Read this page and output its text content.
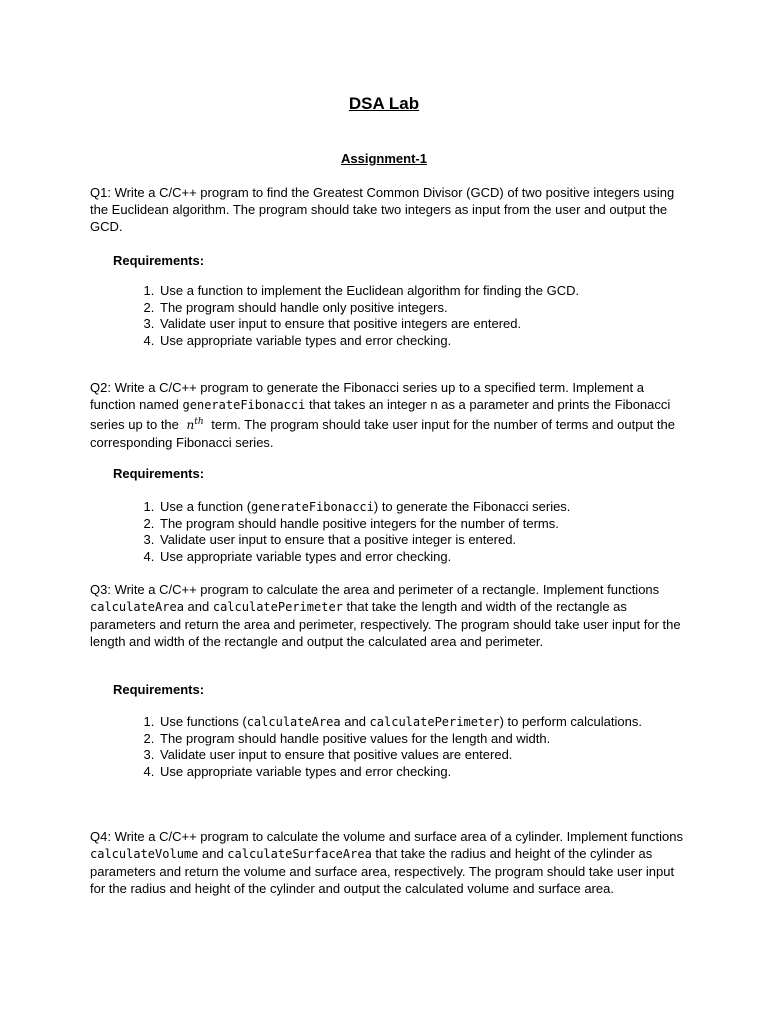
DSA Lab
Assignment-1

Q1: Write a C/C++ program to find the Greatest Common Divisor (GCD) of two positive integers using the Euclidean algorithm. The program should take two integers as input from the user and output the GCD.

Requirements:

1. Use a function to implement the Euclidean algorithm for finding the GCD.
2. The program should handle only positive integers.
3. Validate user input to ensure that positive integers are entered.
4. Use appropriate variable types and error checking.

Q2: Write a C/C++ program to generate the Fibonacci series up to a specified term. Implement a function named generateFibonacci that takes an integer n as a parameter and prints the Fibonacci series up to the $n^{th}$ term. The program should take user input for the number of terms and output the corresponding Fibonacci series.

Requirements:

1. Use a function (generateFibonacci) to generate the Fibonacci series.
2. The program should handle positive integers for the number of terms.
3. Validate user input to ensure that a positive integer is entered.
4. Use appropriate variable types and error checking.

Q3: Write a C/C++ program to calculate the area and perimeter of a rectangle. Implement functions calculateArea and calculatePerimeter that take the length and width of the rectangle as parameters and return the area and perimeter, respectively. The program should take user input for the length and width of the rectangle and output the calculated area and perimeter.

Requirements:

1. Use functions (calculateArea and calculatePerimeter) to perform calculations.
2. The program should handle positive values for the length and width.
3. Validate user input to ensure that positive values are entered.
4. Use appropriate variable types and error checking.

Q4: Write a C/C++ program to calculate the volume and surface area of a cylinder. Implement functions calculateVolume and calculateSurfaceArea that take the radius and height of the cylinder as parameters and return the volume and surface area, respectively. The program should take user input for the radius and height of the cylinder and output the calculated volume and surface area.
